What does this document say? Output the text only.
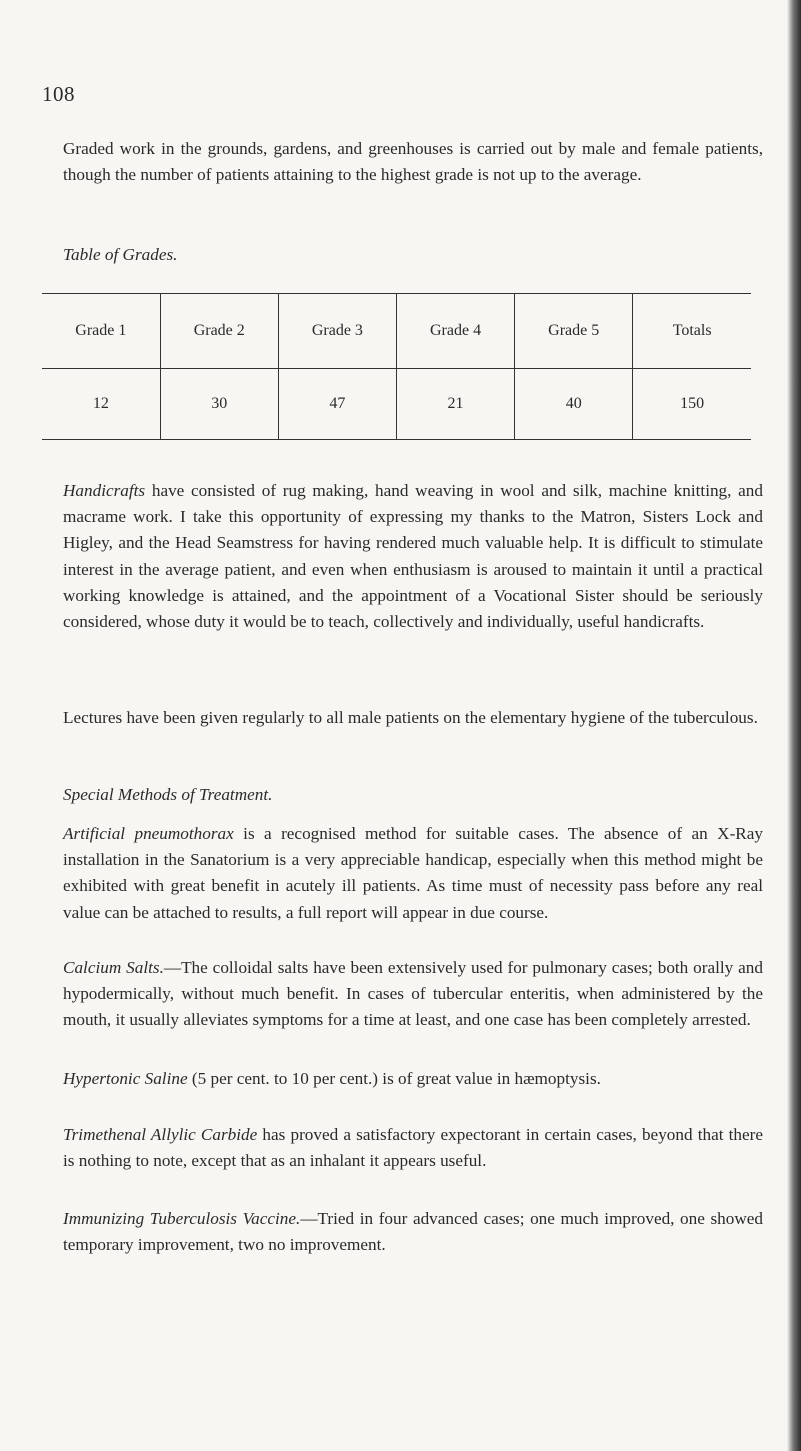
108

Graded work in the grounds, gardens, and greenhouses is carried out by male and female patients, though the number of patients attaining to the highest grade is not up to the average.

Table of Grades.

Grade 1	Grade 2	Grade 3	Grade 4	Grade 5	Totals
12	30	47	21	40	150

Handicrafts have consisted of rug making, hand weaving in wool and silk, machine knitting, and macrame work. I take this opportunity of expressing my thanks to the Matron, Sisters Lock and Higley, and the Head Seamstress for having rendered much valuable help. It is difficult to stimulate interest in the average patient, and even when enthusiasm is aroused to maintain it until a practical working knowledge is attained, and the appointment of a Vocational Sister should be seriously considered, whose duty it would be to teach, collectively and individually, useful handicrafts.

Lectures have been given regularly to all male patients on the elementary hygiene of the tuberculous.

Special Methods of Treatment.

Artificial pneumothorax is a recognised method for suitable cases. The absence of an X-Ray installation in the Sanatorium is a very appreciable handicap, especially when this method might be exhibited with great benefit in acutely ill patients. As time must of necessity pass before any real value can be attached to results, a full report will appear in due course.

Calcium Salts.—The colloidal salts have been extensively used for pulmonary cases; both orally and hypodermically, without much benefit. In cases of tubercular enteritis, when administered by the mouth, it usually alleviates symptoms for a time at least, and one case has been completely arrested.

Hypertonic Saline (5 per cent. to 10 per cent.) is of great value in hæmoptysis.

Trimethenal Allylic Carbide has proved a satisfactory expectorant in certain cases, beyond that there is nothing to note, except that as an inhalant it appears useful.

Immunizing Tuberculosis Vaccine.—Tried in four advanced cases; one much improved, one showed temporary improvement, two no improvement.
